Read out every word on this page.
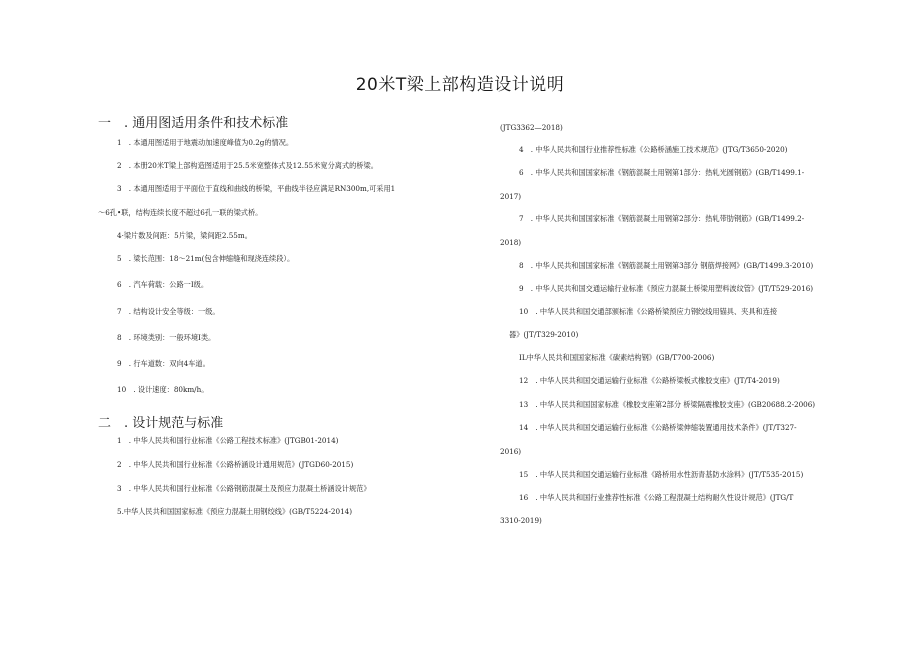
20米T梁上部构造设计说明
一　. 通用图适用条件和技术标准
1　. 本通用图适用于地震动加速度峰值为0.2g的情况。
2　. 本册20米T梁上部构造图适用于25.5米宽整体式及12.55米宽分离式的桥梁。
3　. 本通用图适用于平面位于直线和曲线的桥梁，平曲线半径应满足RN300m,可采用1
～6孔•联，结构连续长度不超过6孔一联的梁式桥。
4·梁片数及间距：5片梁，梁间距2.55m。
5　. 梁长范围：18～21m(包含伸缩缝和现浇连续段）。
6　. 汽车荷载：公路一I级。
7　. 结构设计安全等级：一级。
8　. 环境类别：一般环境I类。
9　. 行车道数：双向4车道。
10　. 设计速度：80km/h。
二　. 设计规范与标准
1　. 中华人民共和国行业标准《公路工程技术标准》(JTGB01-2014)
2　. 中华人民共和国行业标准《公路桥涵设计通用规范》(JTGD60-2015)
3　. 中华人民共和国行业标准《公路钢筋混凝土及预应力混凝土桥涵设计规范》
5.中华人民共和国国家标准《预应力混凝土用钢绞线》(GB/T5224-2014)
(JTG3362—2018)
4　. 中华人民共和国行业推荐性标准《公路桥涵施工技术规范》(JTG/T3650-2020)
6　. 中华人民共和国国家标准《钢筋混凝土用钢第1部分：热轧光圆钢筋》(GB/T1499.1-
2017)
7　. 中华人民共和国国家标准《钢筋混凝土用钢第2部分：热轧带肋钢筋》(GB/T1499.2-
2018)
8　. 中华人民共和国国家标准《钢筋混凝土用钢第3部分 钢筋焊接网》(GB/T1499.3-2010)
9　. 中华人民共和国交通运输行业标准《预应力混凝土桥梁用塑料波纹管》(JT/T529-2016)
10　. 中华人民共和国交通部颁标准《公路桥梁预应力钢绞线用锚具、夹具和连接
器》(JT/T329-2010)
IL中华人民共和国国家标准《碳素结构钢》(GB/T700-2006)
12　. 中华人民共和国交通运输行业标准《公路桥梁板式橡胶支座》(JT/T4-2019)
13　. 中华人民共和国国家标准《橡胶支座第2部分 桥梁隔震橡胶支座》(GB20688.2-2006)
14　. 中华人民共和国交通运输行业标准《公路桥梁伸缩装置通用技术条件》(JT/T327-
2016)
15　. 中华人民共和国交通运输行业标准《路桥用水性沥青基防水涂料》(JT/T535-2015)
16　. 中华人民共和国行业推荐性标准《公路工程混凝土结构耐久性设计规范》(JTG/T
3310-2019)
